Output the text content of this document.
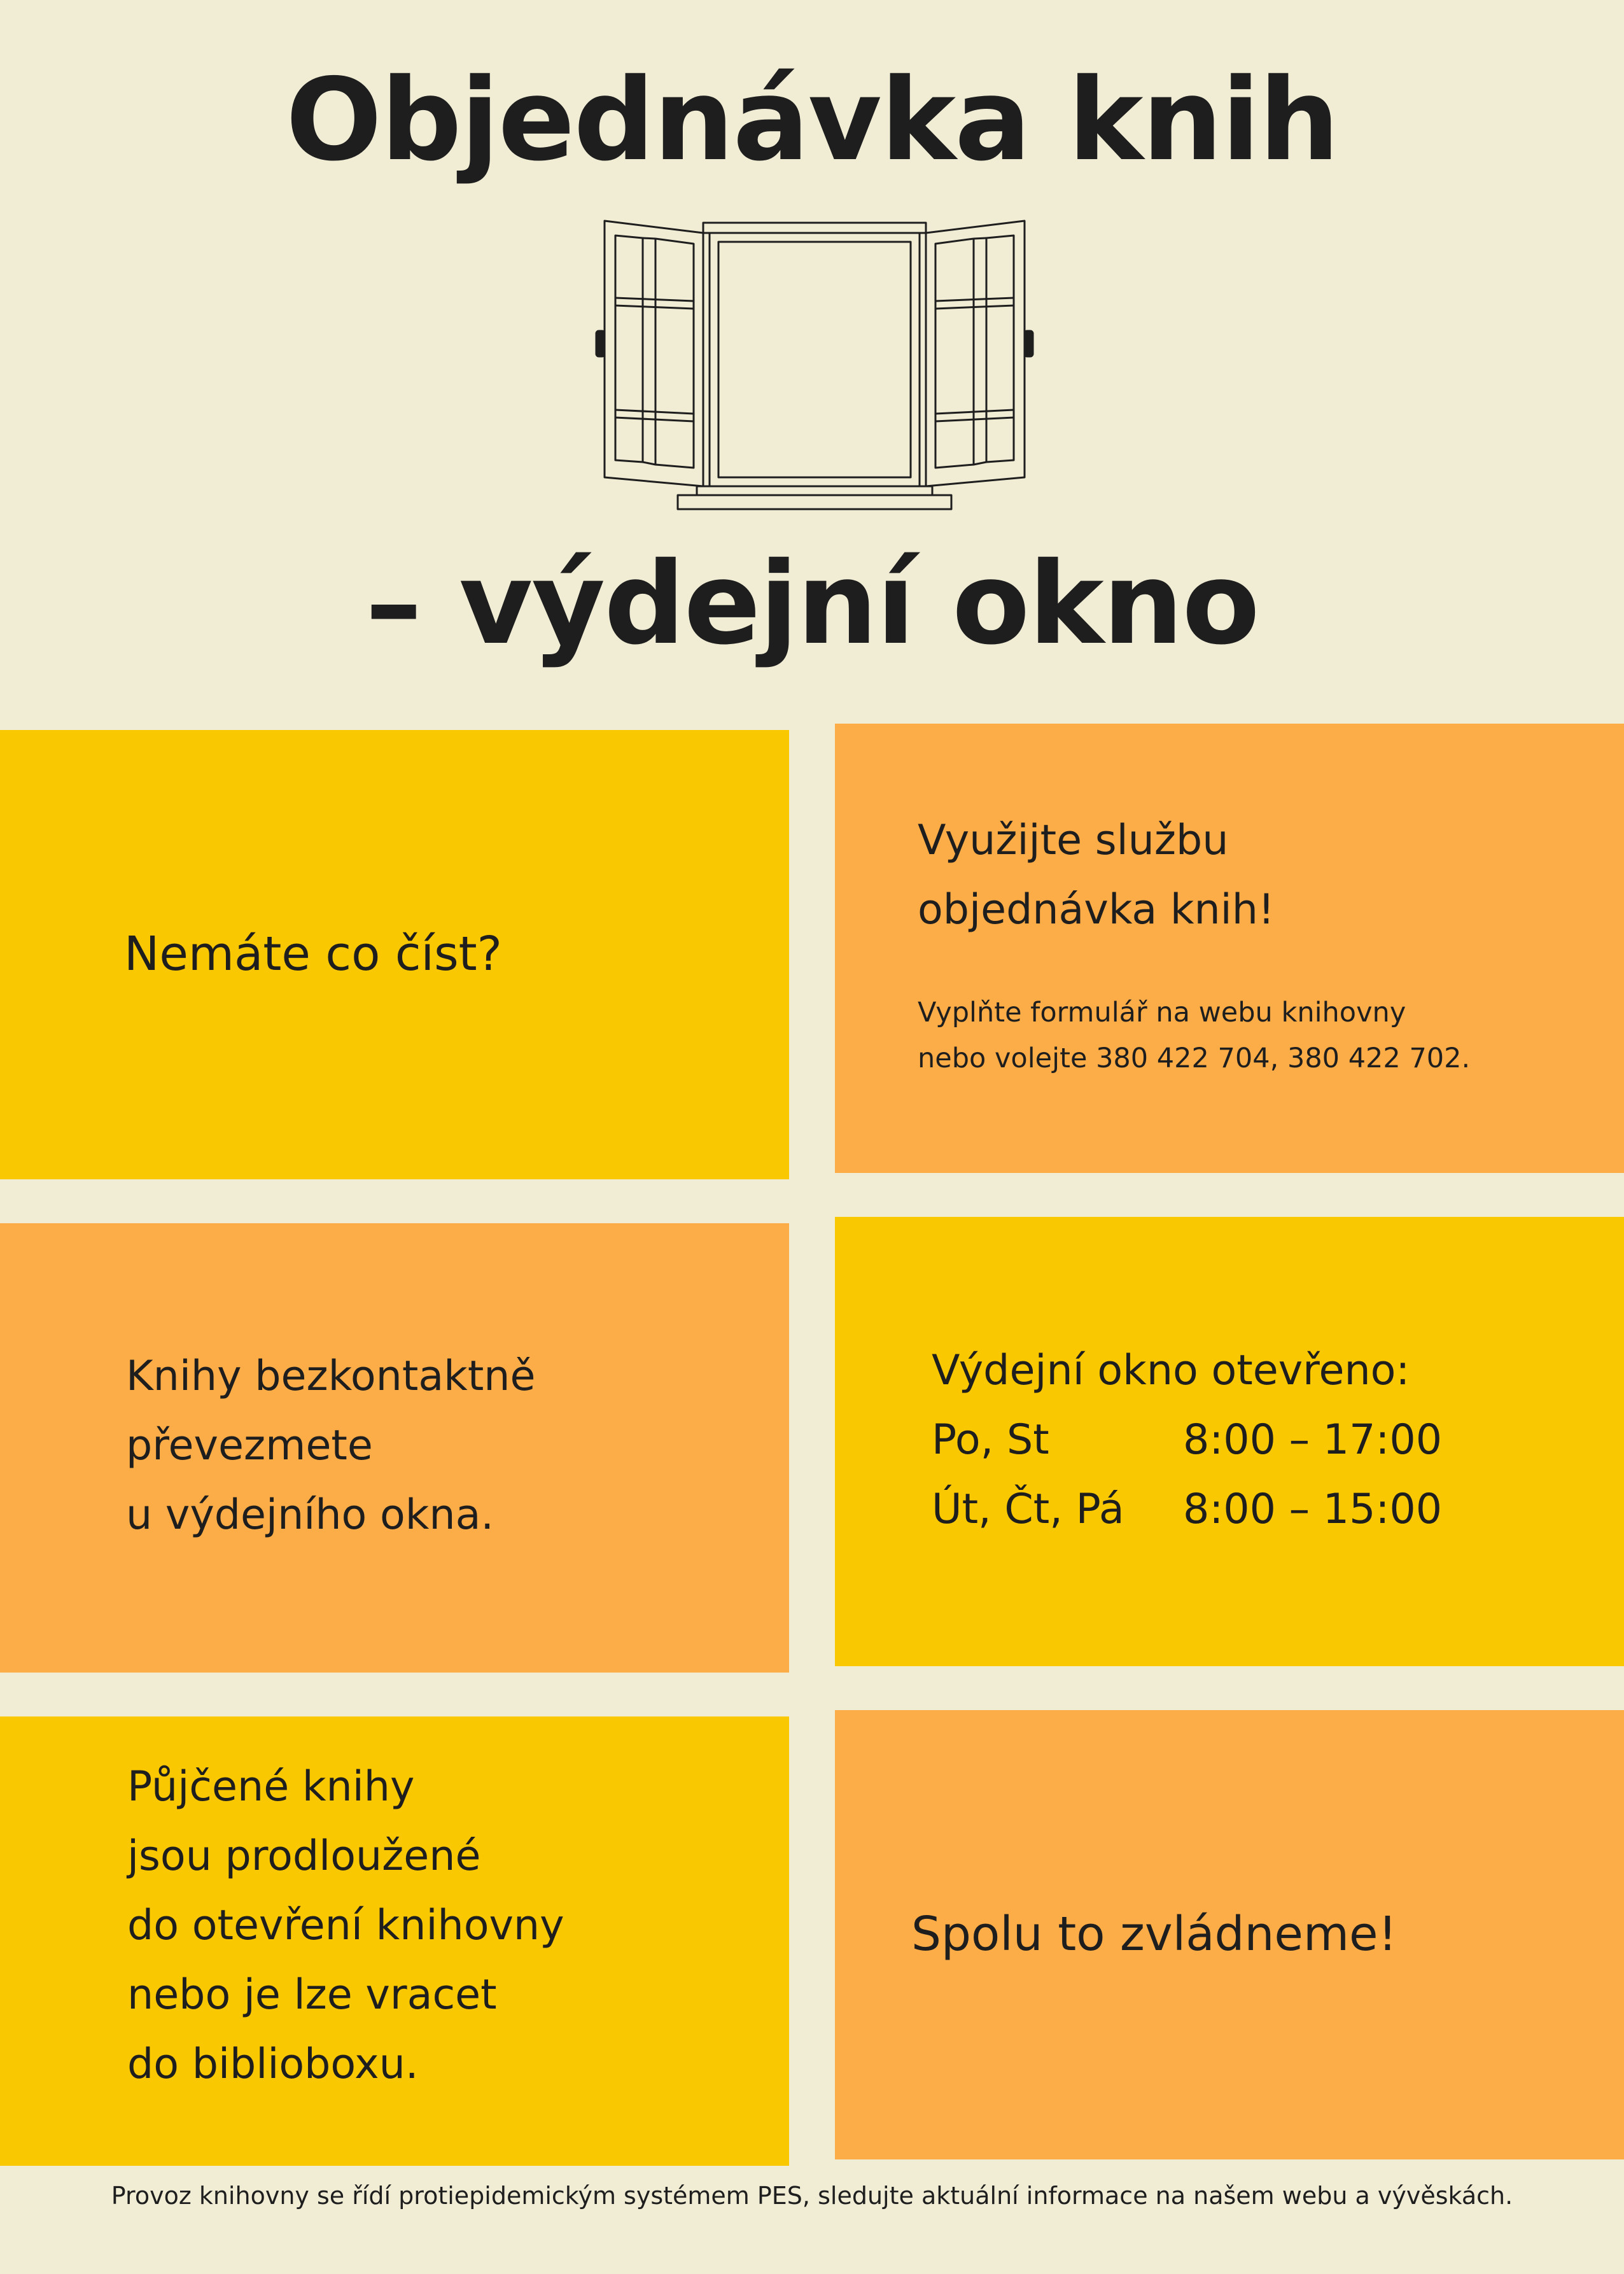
Objednávka knih
– výdejní okno

Nemáte co číst?

Využijte službu

objednávka knih!

Vyplňte formulář na webu knihovny

nebo volejte 380 422 704, 380 422 702.

Knihy bezkontaktně

převezmete

u výdejního okna.

Výdejní okno otevřeno:

Po, St	8:00 – 17:00
Út, Čt, Pá 8:00 – 15:00

Půjčené knihy

jsou prodloužené

do otevření knihovny

nebo je lze vracet

do biblioboxu.

Spolu to zvládneme!

Provoz knihovny se řídí protiepidemickým systémem PES, sledujte aktuální informace na našem webu a vývěskách.
